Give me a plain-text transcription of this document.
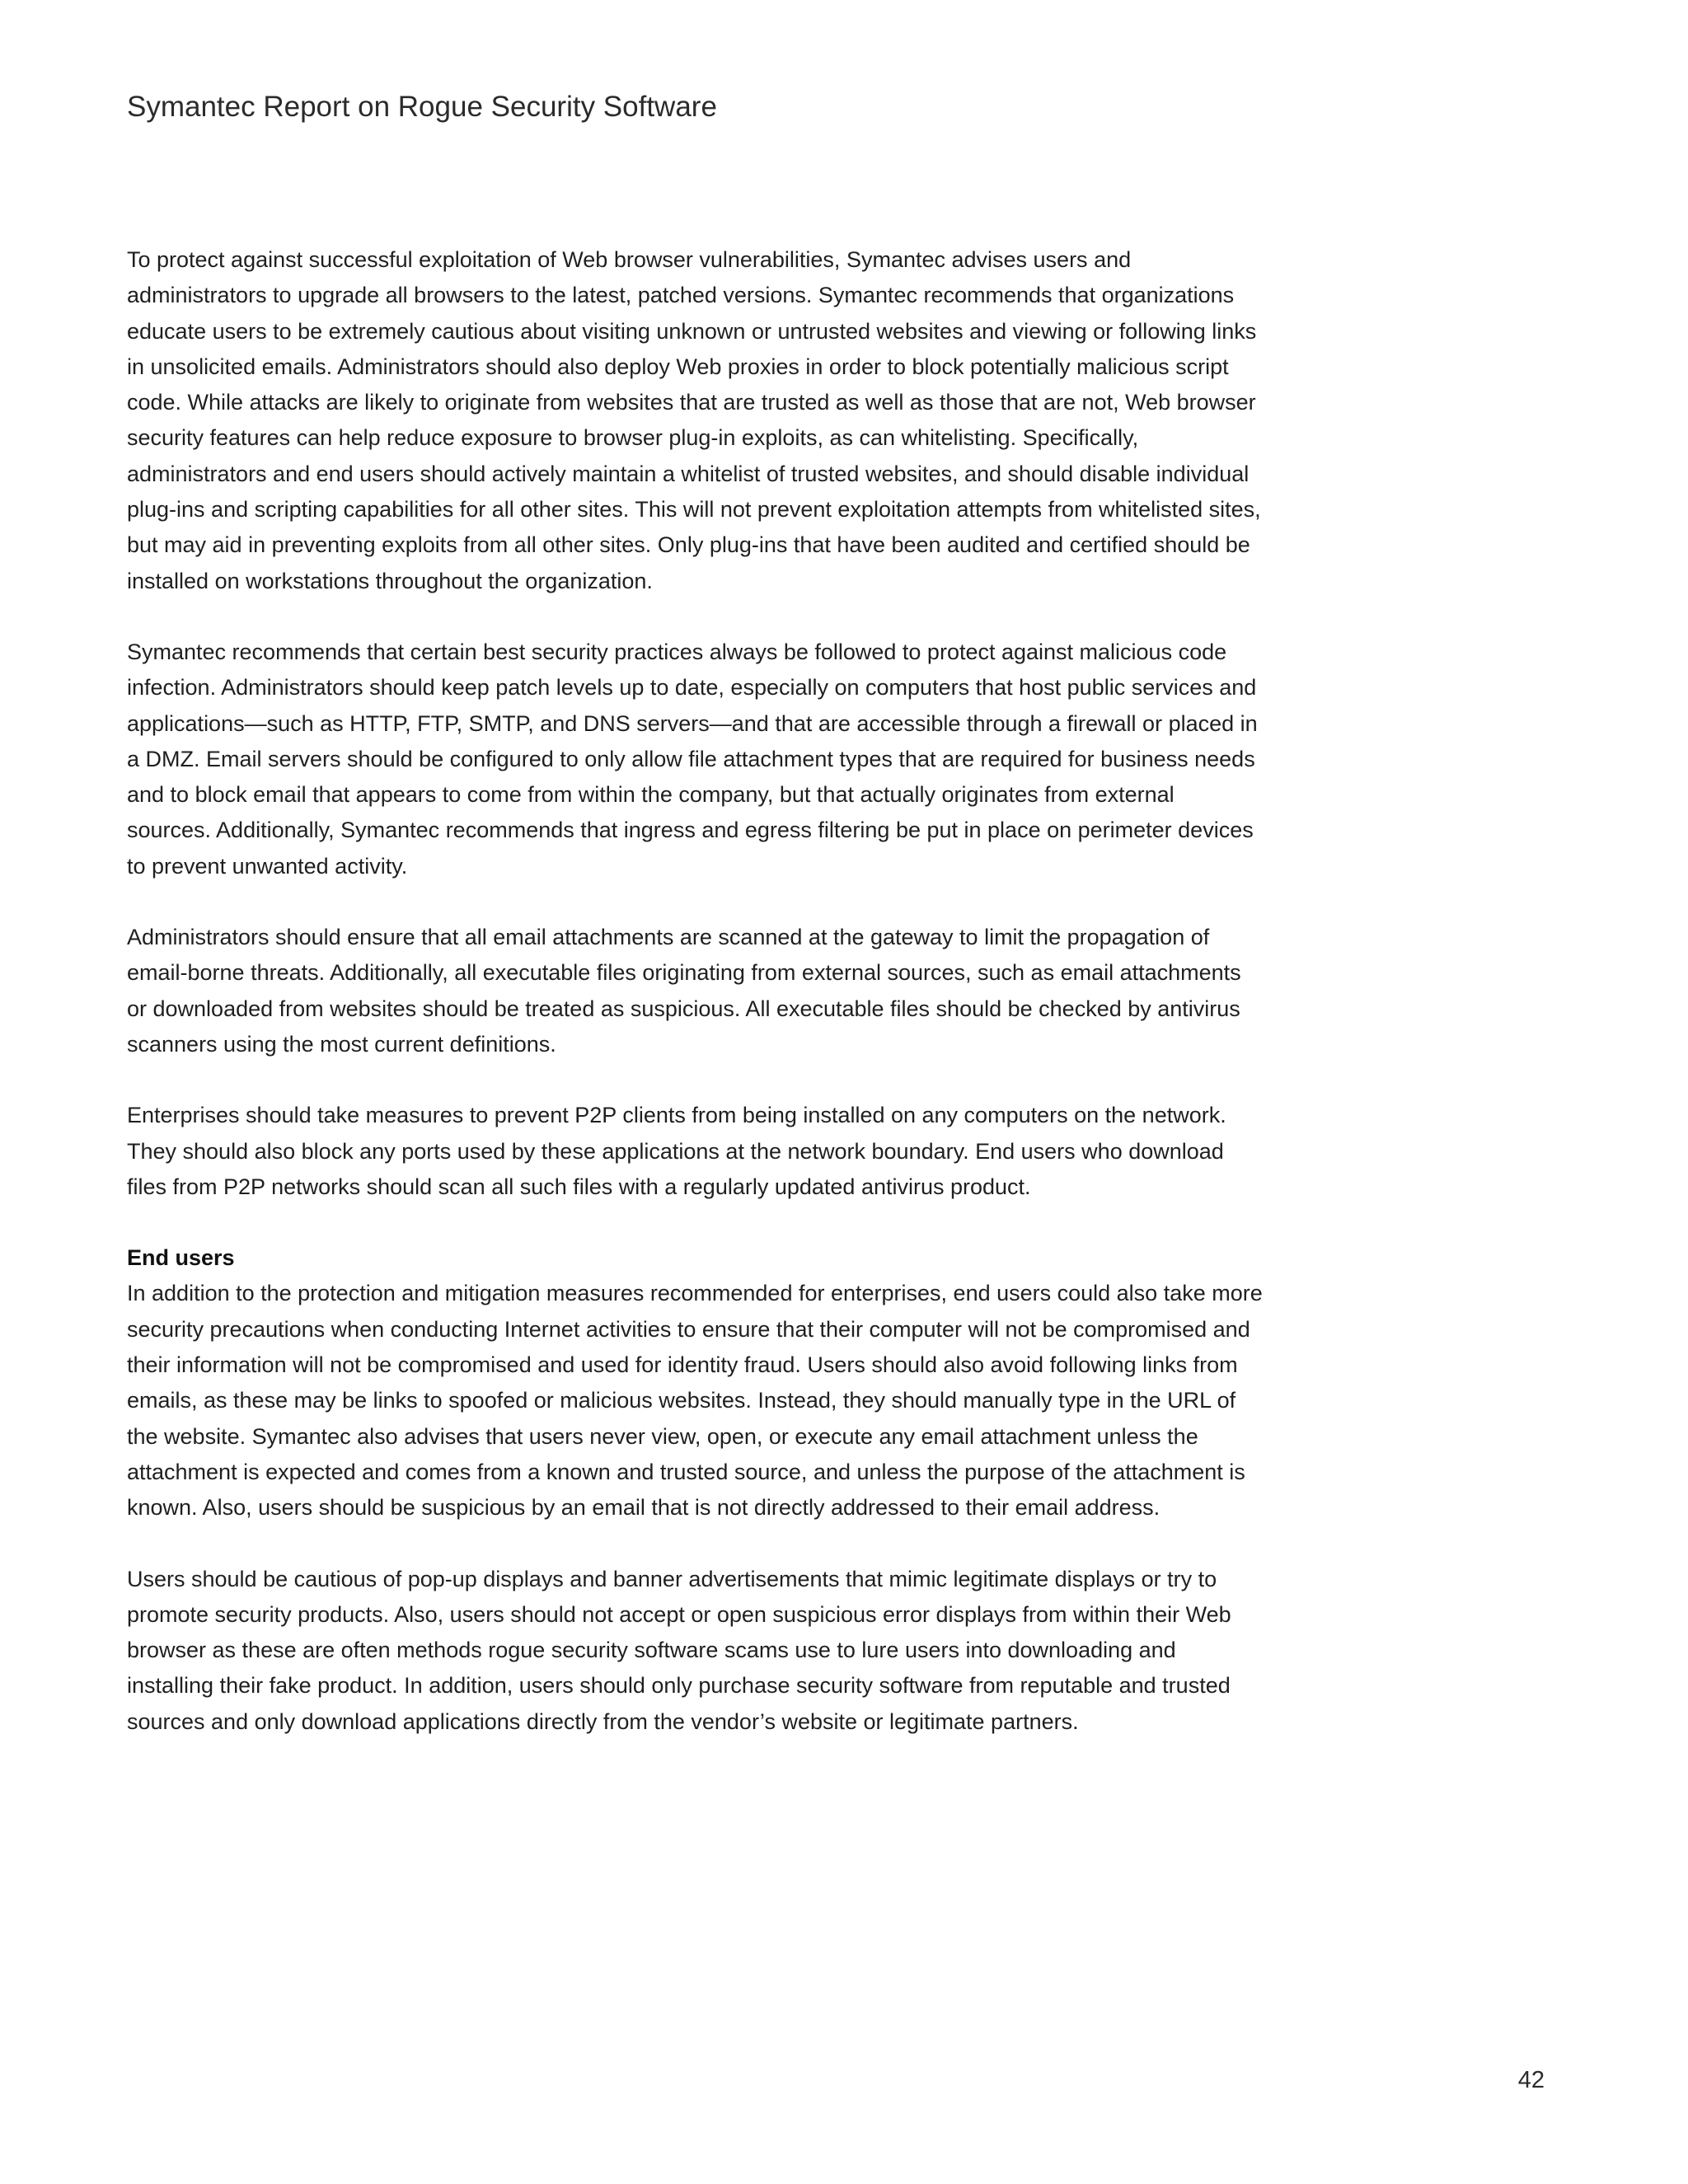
Symantec Report on Rogue Security Software

To protect against successful exploitation of Web browser vulnerabilities, Symantec advises users and administrators to upgrade all browsers to the latest, patched versions. Symantec recommends that organizations educate users to be extremely cautious about visiting unknown or untrusted websites and viewing or following links in unsolicited emails. Administrators should also deploy Web proxies in order to block potentially malicious script code. While attacks are likely to originate from websites that are trusted as well as those that are not, Web browser security features can help reduce exposure to browser plug-in exploits, as can whitelisting. Specifically, administrators and end users should actively maintain a whitelist of trusted websites, and should disable individual plug-ins and scripting capabilities for all other sites. This will not prevent exploitation attempts from whitelisted sites, but may aid in preventing exploits from all other sites. Only plug-ins that have been audited and certified should be installed on workstations throughout the organization.

Symantec recommends that certain best security practices always be followed to protect against malicious code infection. Administrators should keep patch levels up to date, especially on computers that host public services and applications—such as HTTP, FTP, SMTP, and DNS servers—and that are accessible through a firewall or placed in a DMZ. Email servers should be configured to only allow file attachment types that are required for business needs and to block email that appears to come from within the company, but that actually originates from external sources. Additionally, Symantec recommends that ingress and egress filtering be put in place on perimeter devices to prevent unwanted activity.

Administrators should ensure that all email attachments are scanned at the gateway to limit the propagation of email-borne threats. Additionally, all executable files originating from external sources, such as email attachments or downloaded from websites should be treated as suspicious. All executable files should be checked by antivirus scanners using the most current definitions.

Enterprises should take measures to prevent P2P clients from being installed on any computers on the network. They should also block any ports used by these applications at the network boundary. End users who download files from P2P networks should scan all such files with a regularly updated antivirus product.

End users

In addition to the protection and mitigation measures recommended for enterprises, end users could also take more security precautions when conducting Internet activities to ensure that their computer will not be compromised and their information will not be compromised and used for identity fraud. Users should also avoid following links from emails, as these may be links to spoofed or malicious websites. Instead, they should manually type in the URL of the website. Symantec also advises that users never view, open, or execute any email attachment unless the attachment is expected and comes from a known and trusted source, and unless the purpose of the attachment is known. Also, users should be suspicious by an email that is not directly addressed to their email address.

Users should be cautious of pop-up displays and banner advertisements that mimic legitimate displays or try to promote security products. Also, users should not accept or open suspicious error displays from within their Web browser as these are often methods rogue security software scams use to lure users into downloading and installing their fake product. In addition, users should only purchase security software from reputable and trusted sources and only download applications directly from the vendor’s website or legitimate partners.

42
